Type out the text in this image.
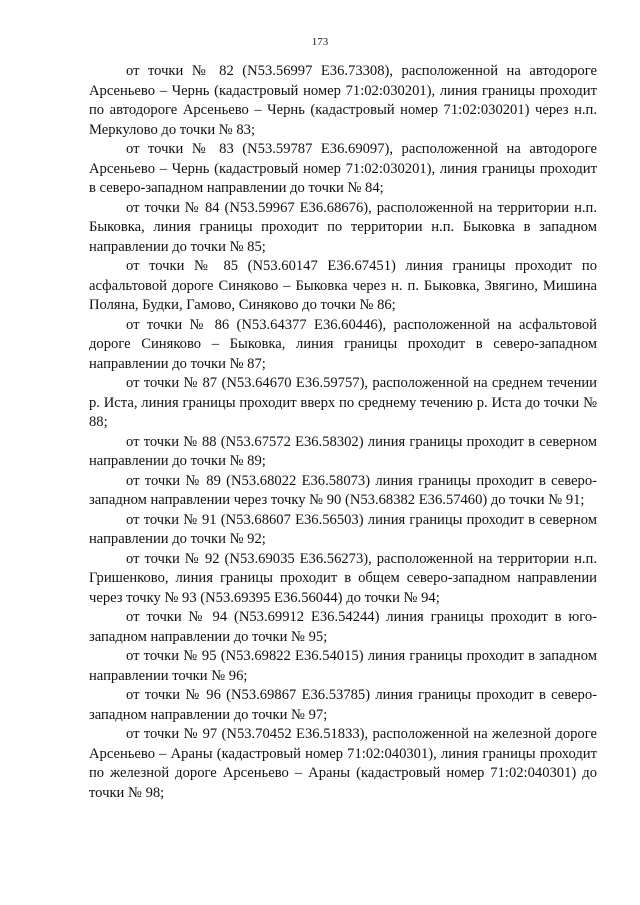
173

от точки № 82 (N53.56997 E36.73308), расположенной на автодороге Арсеньево – Чернь (кадастровый номер 71:02:030201), линия границы проходит по автодороге Арсеньево – Чернь (кадастровый номер 71:02:030201) через н.п. Меркулово до точки № 83;

от точки № 83 (N53.59787 E36.69097), расположенной на автодороге Арсеньево – Чернь (кадастровый номер 71:02:030201), линия границы проходит в северо-западном направлении до точки № 84;

от точки № 84 (N53.59967 E36.68676), расположенной на территории н.п. Быковка, линия границы проходит по территории н.п. Быковка в западном направлении до точки № 85;

от точки № 85 (N53.60147 E36.67451) линия границы проходит по асфальтовой дороге Синяково – Быковка через н. п. Быковка, Звягино, Мишина Поляна, Будки, Гамово, Синяково до точки № 86;

от точки № 86 (N53.64377 E36.60446), расположенной на асфальтовой дороге Синяково – Быковка, линия границы проходит в северо-западном направлении до точки № 87;

от точки № 87 (N53.64670 E36.59757), расположенной на среднем течении р. Иста, линия границы проходит вверх по среднему течению р. Иста до точки № 88;

от точки № 88 (N53.67572 E36.58302) линия границы проходит в северном направлении до точки № 89;

от точки № 89 (N53.68022 E36.58073) линия границы проходит в северо-западном направлении через точку № 90 (N53.68382 E36.57460) до точки № 91;

от точки № 91 (N53.68607 E36.56503) линия границы проходит в северном направлении до точки № 92;

от точки № 92 (N53.69035 E36.56273), расположенной на территории н.п. Гришенково, линия границы проходит в общем северо-западном направлении через точку № 93 (N53.69395 E36.56044) до точки № 94;

от точки № 94 (N53.69912 E36.54244) линия границы проходит в юго-западном направлении до точки № 95;

от точки № 95 (N53.69822 E36.54015) линия границы проходит в западном направлении точки № 96;

от точки № 96 (N53.69867 E36.53785) линия границы проходит в северо-западном направлении до точки № 97;

от точки № 97 (N53.70452 E36.51833), расположенной на железной дороге Арсеньево – Араны (кадастровый номер 71:02:040301), линия границы проходит по железной дороге Арсеньево – Араны (кадастровый номер 71:02:040301) до точки № 98;
